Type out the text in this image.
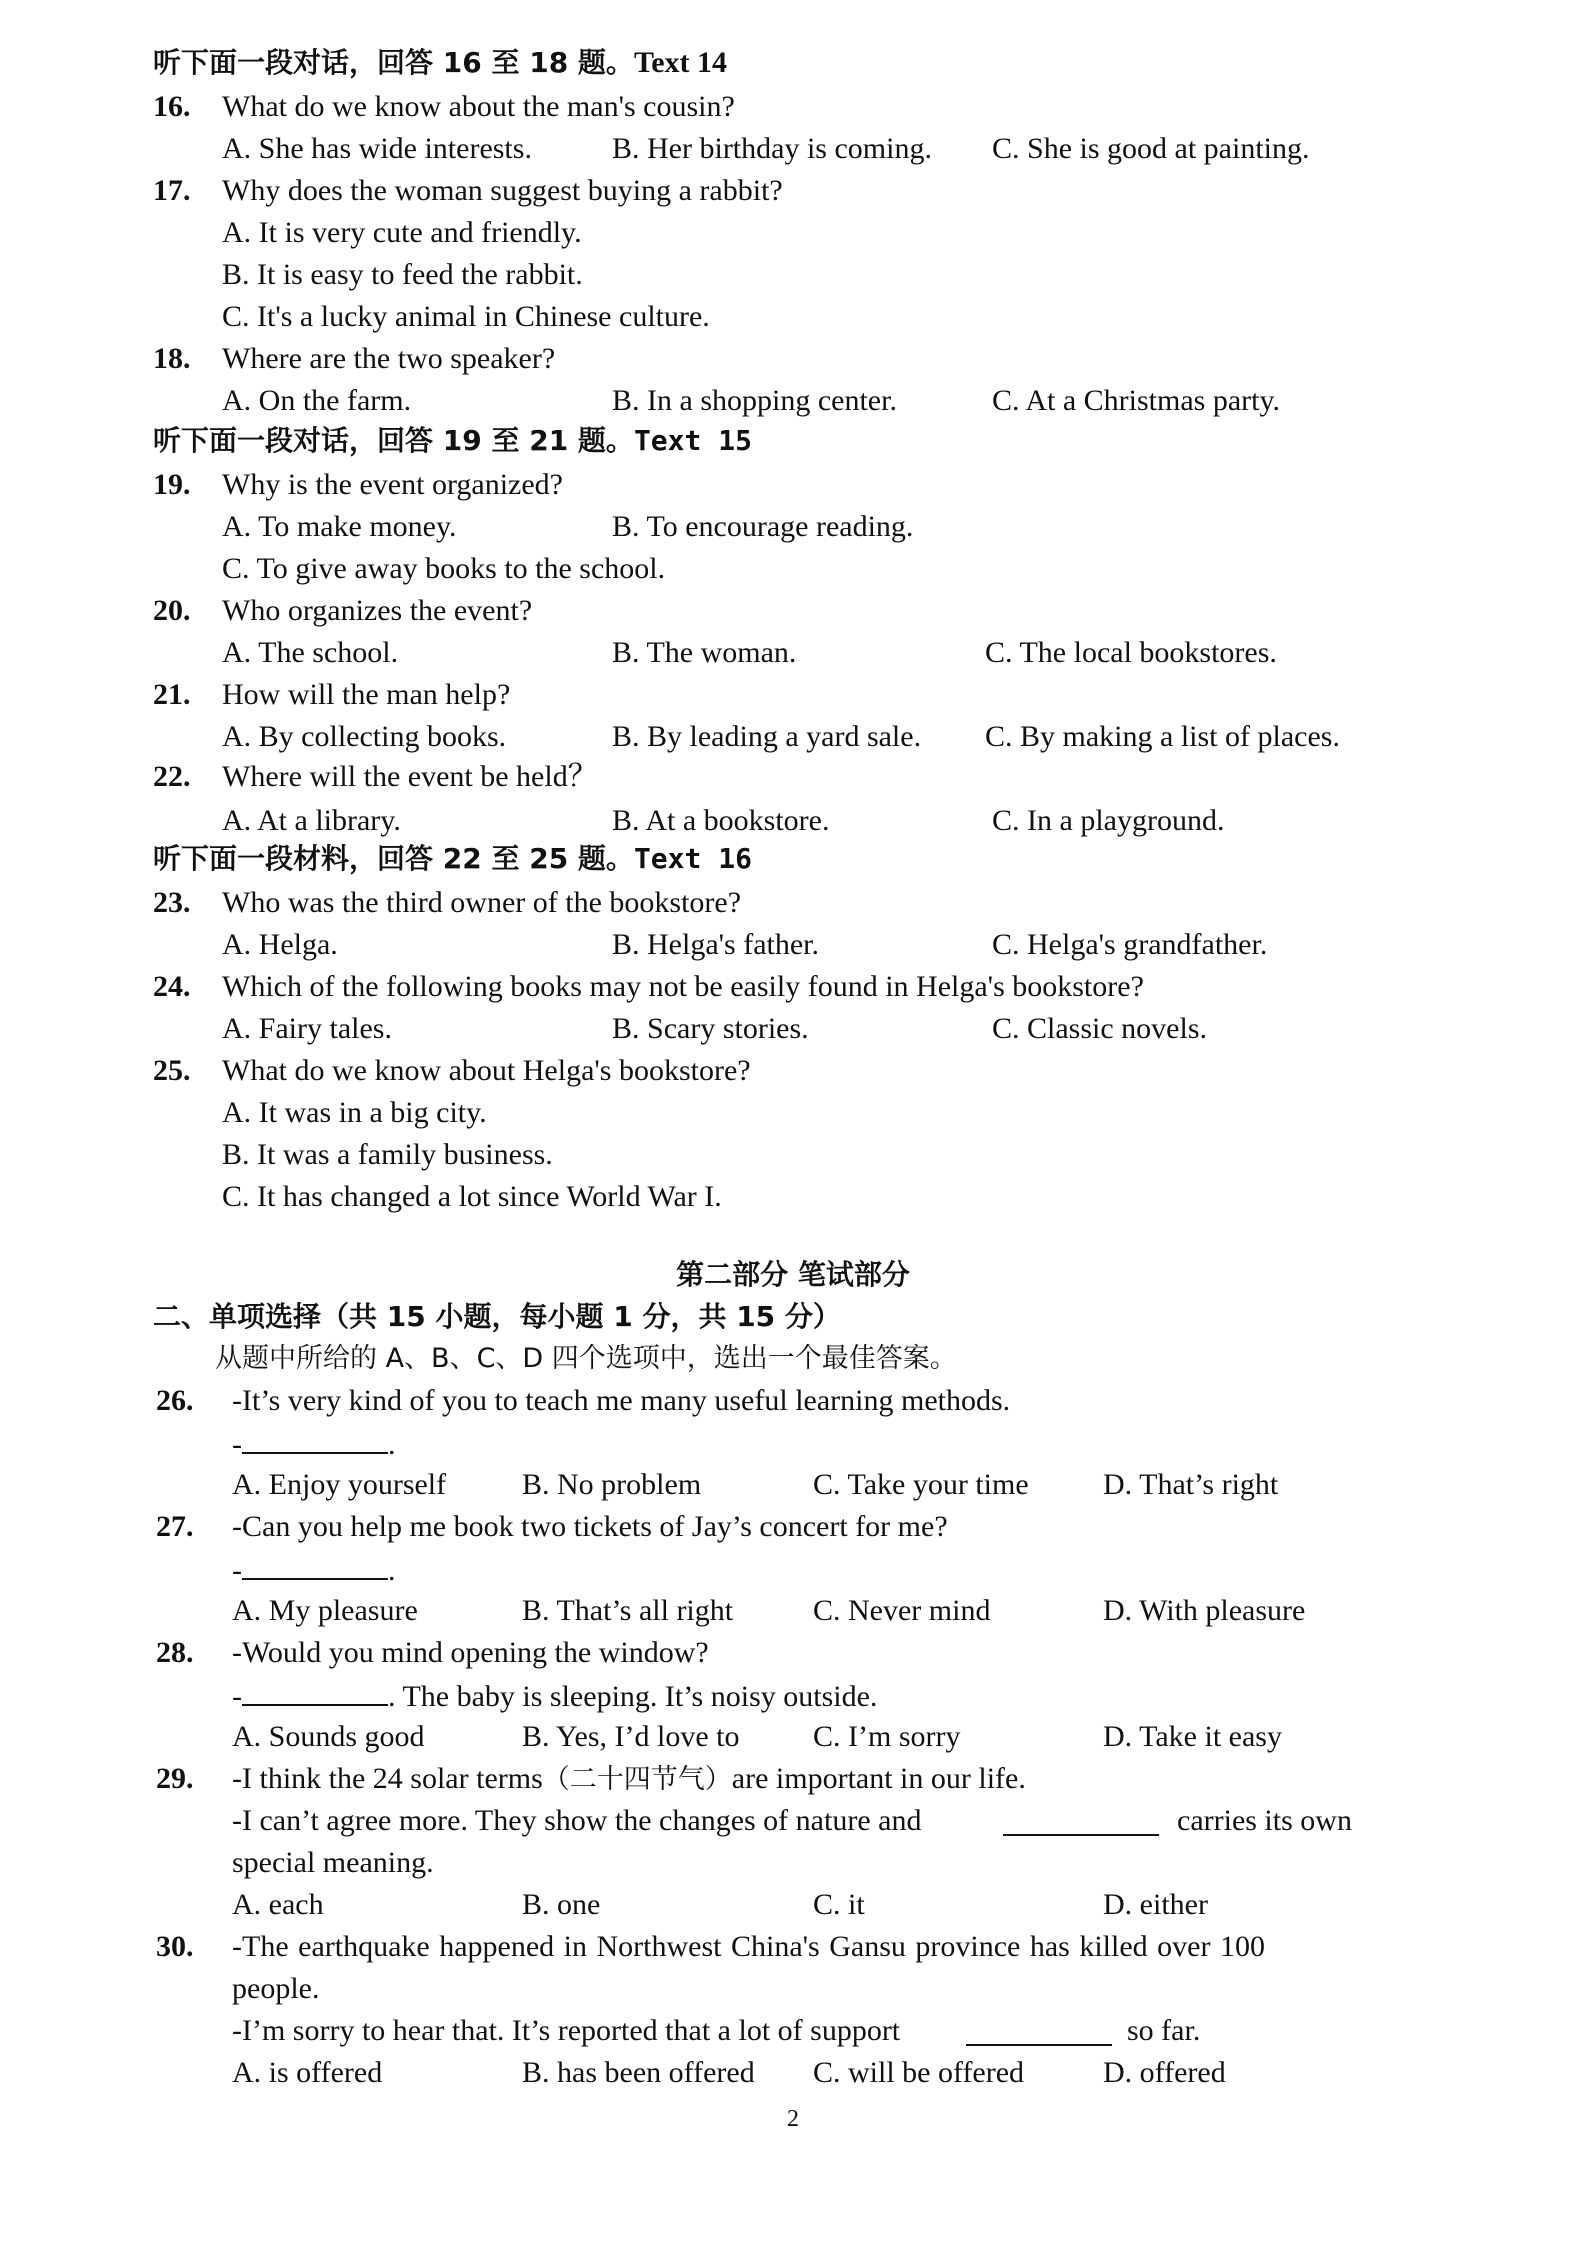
听下面一段对话，回答 16 至 18 题。Text 14
16. What do we know about the man's cousin?
A. She has wide interests.	B. Her birthday is coming. C. She is good at painting.
17. Why does the woman suggest buying a rabbit?
A. It is very cute and friendly.
B. It is easy to feed the rabbit.
C. It's a lucky animal in Chinese culture.
18. Where are the two speaker?
A. On the farm.	B. In a shopping center.	C. At a Christmas party.
听下面一段对话，回答 19 至 21 题。Text 15
19. Why is the event organized?
A. To make money.	B. To encourage reading.
C. To give away books to the school.
20. Who organizes the event?
A. The school.	B. The woman.	C. The local bookstores.
21. How will the man help?
A. By collecting books.	B. By leading a yard sale. C. By making a list of places.
22. Where will the event be held？
A. At a library.	B. At a bookstore.	C. In a playground.
听下面一段材料，回答 22 至 25 题。Text 16
23. Who was the third owner of the bookstore?
A. Helga.	B. Helga's father.	C. Helga's grandfather.
24. Which of the following books may not be easily found in Helga's bookstore?
A. Fairy tales.	B. Scary stories.	C. Classic novels.
25. What do we know about Helga's bookstore?
A. It was in a big city.
B. It was a family business.
C. It has changed a lot since World War I.
第二部分 笔试部分
二、单项选择（共 15 小题，每小题 1 分，共 15 分）
从题中所给的 A、B、C、D 四个选项中，选出一个最佳答案。
26. -It’s very kind of you to teach me many useful learning methods.
-	.
A. Enjoy yourself	B. No problem	C. Take your time D. That’s right
27. -Can you help me book two tickets of Jay’s concert for me?
-	.
A. My pleasure	B. That’s all right	C. Never mind	D. With pleasure
28. -Would you mind opening the window?
-	. The baby is sleeping. It’s noisy outside.
A. Sounds good	B. Yes, I’d love to C. I’m sorry	D. Take it easy
29. -I think the 24 solar terms（二十四节气）are important in our life.
-I can’t agree more. They show the changes of nature and	carries its own
special meaning.
A. each	B. one	C. it	D. either
30. -The earthquake happened in Northwest China's Gansu province has killed over 100
people.
-I’m sorry to hear that. It’s reported that a lot of support	so far.
A. is offered	B. has been offered C. will be offered	D. offered
2
